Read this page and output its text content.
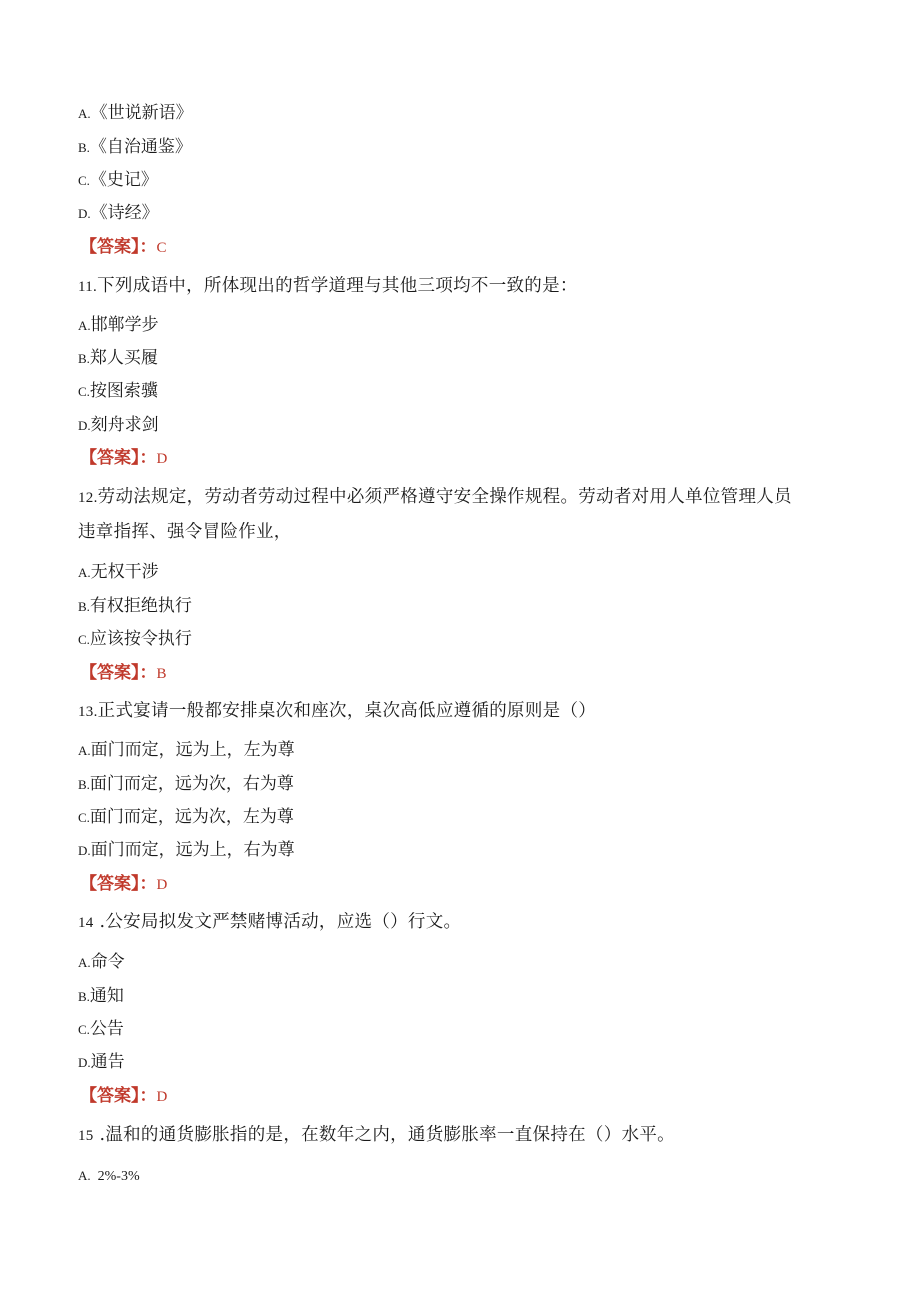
A.《世说新语》
B.《自治通鉴》
C.《史记》
D.《诗经》
【答案】：C
11.下列成语中，所体现出的哲学道理与其他三项均不一致的是：
A.邯郸学步
B.郑人买履
C.按图索骥
D.刻舟求剑
【答案】：D
12.劳动法规定，劳动者劳动过程中必须严格遵守安全操作规程。劳动者对用人单位管理人员
违章指挥、强令冒险作业，
A.无权干涉
B.有权拒绝执行
C.应该按令执行
【答案】：B
13.正式宴请一般都安排桌次和座次，桌次高低应遵循的原则是（）
A.面门而定，远为上，左为尊
B.面门而定，远为次，右为尊
C.面门而定，远为次，左为尊
D.面门而定，远为上，右为尊
【答案】：D
14 .公安局拟发文严禁赌博活动，应选（）行文。
A.命令
B.通知
C.公告
D.通告
【答案】：D
15 .温和的通货膨胀指的是，在数年之内，通货膨胀率一直保持在（）水平。
A.  2%-3%
